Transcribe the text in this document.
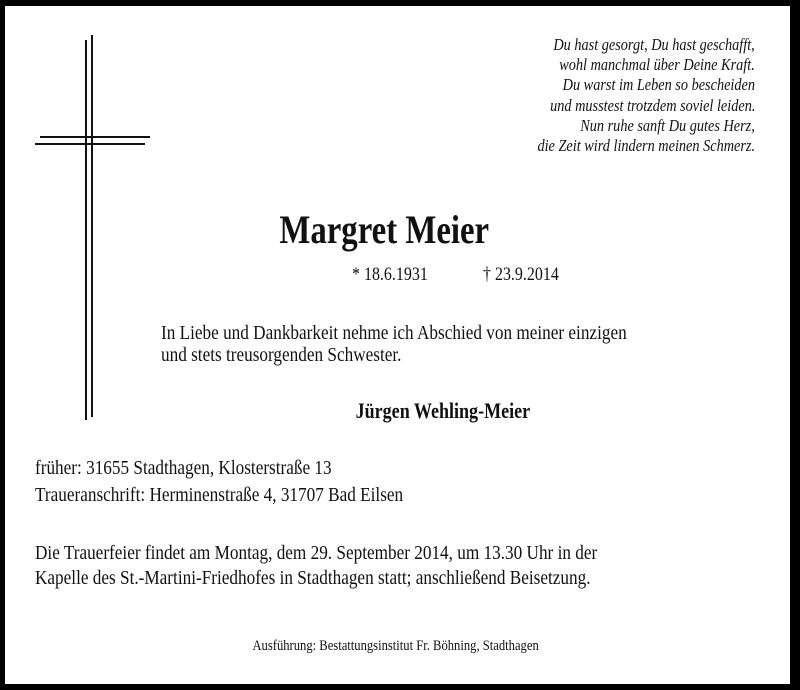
Du hast gesorgt, Du hast geschafft,
wohl manchmal über Deine Kraft.
Du warst im Leben so bescheiden
und musstest trotzdem soviel leiden.
Nun ruhe sanft Du gutes Herz,
die Zeit wird lindern meinen Schmerz.
Margret Meier
* 18.6.1931	† 23.9.2014
In Liebe und Dankbarkeit nehme ich Abschied von meiner einzigen
und stets treusorgenden Schwester.
Jürgen Wehling-Meier
früher: 31655 Stadthagen, Klosterstraße 13
Traueranschrift: Herminenstraße 4, 31707 Bad Eilsen
Die Trauerfeier findet am Montag, dem 29. September 2014, um 13.30 Uhr in der
Kapelle des St.-Martini-Friedhofes in Stadthagen statt; anschließend Beisetzung.
Ausführung: Bestattungsinstitut Fr. Böhning, Stadthagen
